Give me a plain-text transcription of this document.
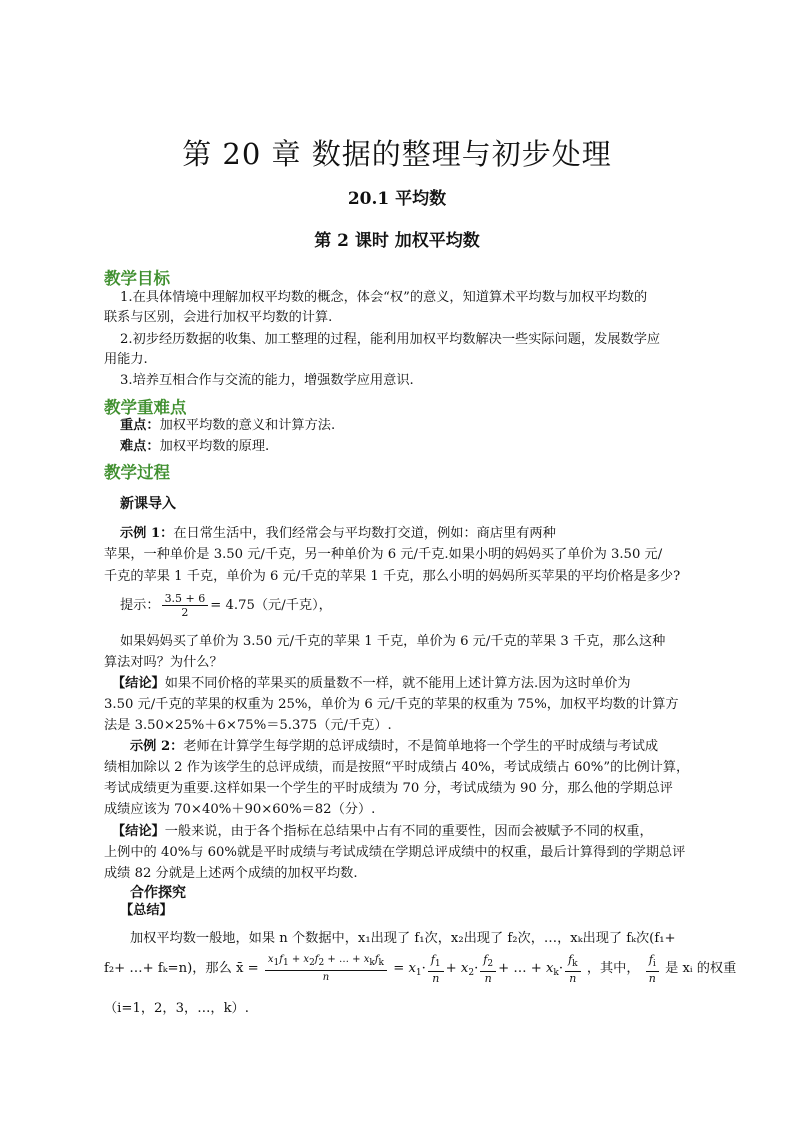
第 20 章 数据的整理与初步处理
20.1 平均数
第 2 课时 加权平均数
教学目标
1.在具体情境中理解加权平均数的概念，体会“权”的意义，知道算术平均数与加权平均数的
联系与区别，会进行加权平均数的计算.
2.初步经历数据的收集、加工整理的过程，能利用加权平均数解决一些实际问题，发展数学应
用能力.
3.培养互相合作与交流的能力，增强数学应用意识.
教学重难点
重点：加权平均数的意义和计算方法.
难点：加权平均数的原理.
教学过程
新课导入
示例 1：在日常生活中，我们经常会与平均数打交道，例如：商店里有两种
苹果，一种单价是 3.50 元/千克，另一种单价为 6 元/千克.如果小明的妈妈买了单价为 3.50 元/
千克的苹果 1 千克，单价为 6 元/千克的苹果 1 千克，那么小明的妈妈所买苹果的平均价格是多少?
提示： $\frac{3.5 + 6}{2} = 4.75$（元/千克），
如果妈妈买了单价为 3.50 元/千克的苹果 1 千克，单价为 6 元/千克的苹果 3 千克，那么这种
算法对吗？为什么？
【结论】如果不同价格的苹果买的质量数不一样，就不能用上述计算方法.因为这时单价为
3.50 元/千克的苹果的权重为 25%，单价为 6 元/千克的苹果的权重为 75%，加权平均数的计算方
法是 3.50×25%＋6×75%＝5.375（元/千克）.
示例 2：老师在计算学生每学期的总评成绩时，不是简单地将一个学生的平时成绩与考试成
绩相加除以 2 作为该学生的总评成绩，而是按照“平时成绩占 40%，考试成绩占 60%”的比例计算，
考试成绩更为重要.这样如果一个学生的平时成绩为 70 分，考试成绩为 90 分，那么他的学期总评
成绩应该为 70×40%＋90×60%＝82（分）.
【结论】一般来说，由于各个指标在总结果中占有不同的重要性，因而会被赋予不同的权重，
上例中的 40%与 60%就是平时成绩与考试成绩在学期总评成绩中的权重，最后计算得到的学期总评
成绩 82 分就是上述两个成绩的加权平均数.
合作探究
【总结】
加权平均数一般地，如果 n 个数据中，x₁出现了 f₁次，x₂出现了 f₂次，…，xₖ出现了 fₖ次(f₁+
f₂+ …+ fₖ=n)，那么 x̄ = $\frac{x_1f_1 + x_2f_2 + \dots + x_kf_k}{n} = x_1\cdot \frac{f_1}{n} + x_2\cdot \frac{f_2}{n}$ + … + $x_k\cdot \frac{f_k}{n}$ ，其中， $\frac{f_i}{n}$ 是 xᵢ 的权重
（i=1，2，3，…，k）.
